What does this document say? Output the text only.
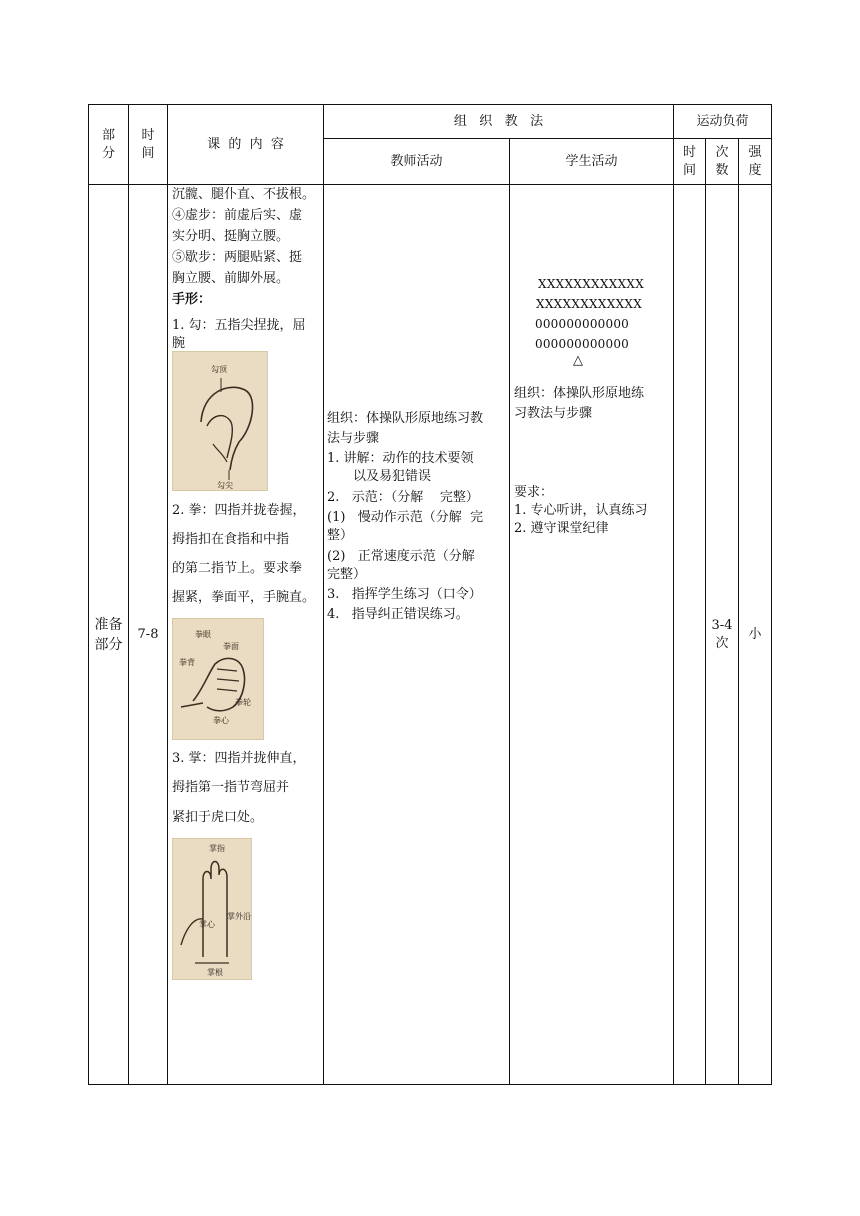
部
分
时
间
课  的  内  容
组   织   教   法	运动负荷
教师活动	学生活动
时
间
次
数
强
度
准备
部分
7-8
3-4
次
小
沉髋、腿仆直、不拔根。
④虚步：前虚后实、虚
实分明、挺胸立腰。
⑤歇步：两腿贴紧、挺
胸立腰、前脚外展。
手形：
1. 勾：五指尖捏拢，屈
腕
勾顶
勾尖
2. 拳：四指并拢卷握，
拇指扣在食指和中指
的第二指节上。要求拳
握紧，拳面平，手腕直。
拳眼
拳面
拳背
拳轮
拳心
3. 掌：四指并拢伸直，
拇指第一指节弯屈并
紧扣于虎口处。
掌指
掌外沿
掌心
掌根
组织：体操队形原地练习教
法与步骤
1. 讲解：动作的技术要领
以及易犯错误
2.   示范：（分解    完整）
(1)   慢动作示范（分解  完
整）
(2)   正常速度示范（分解
完整）
3.   指挥学生练习（口令）
4.   指导纠正错误练习。
XXXXXXXXXXXX
XXXXXXXXXXXX
000000000000
000000000000
△
组织：体操队形原地练
习教法与步骤
要求：
1. 专心听讲，认真练习
2. 遵守课堂纪律
